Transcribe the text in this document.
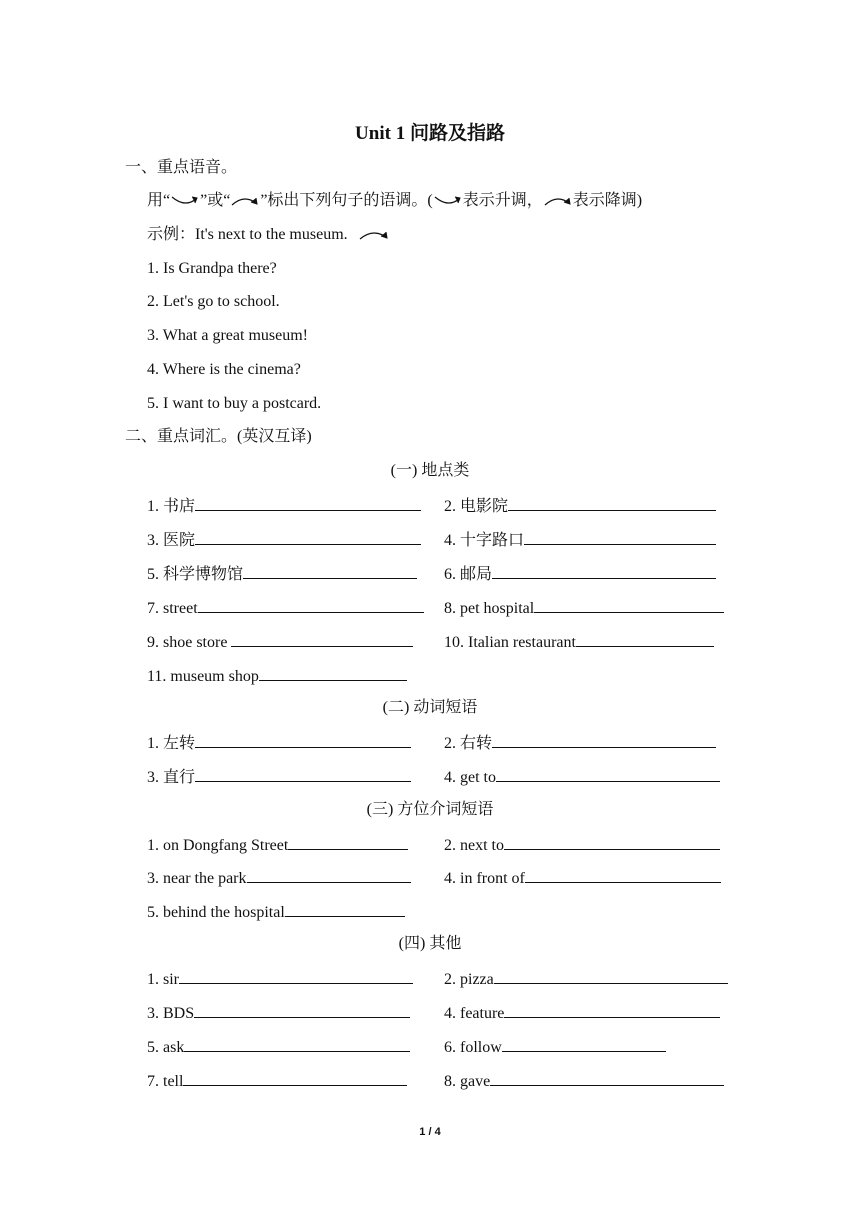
Unit 1 问路及指路
一、重点语音。
用“ ”或“ ”标出下列句子的语调。( 表示升调， 表示降调)
示例：It's next to the museum.
1. Is Grandpa there?
2. Let's go to school.
3. What a great museum!
4. Where is the cinema?
5. I want to buy a postcard.
二、重点词汇。(英汉互译)
(一) 地点类
1. 书店	2. 电影院
3. 医院	4. 十字路口
5. 科学博物馆	6. 邮局
7. street	8. pet hospital
9. shoe store	10. Italian restaurant
11. museum shop
(二) 动词短语
1. 左转	2. 右转
3. 直行	4. get to
(三) 方位介词短语
1. on Dongfang Street	2. next to
3. near the park	4. in front of
5. behind the hospital
(四) 其他
1. sir	2. pizza
3. BDS	4. feature
5. ask	6. follow
7. tell	8. gave
1 / 4
